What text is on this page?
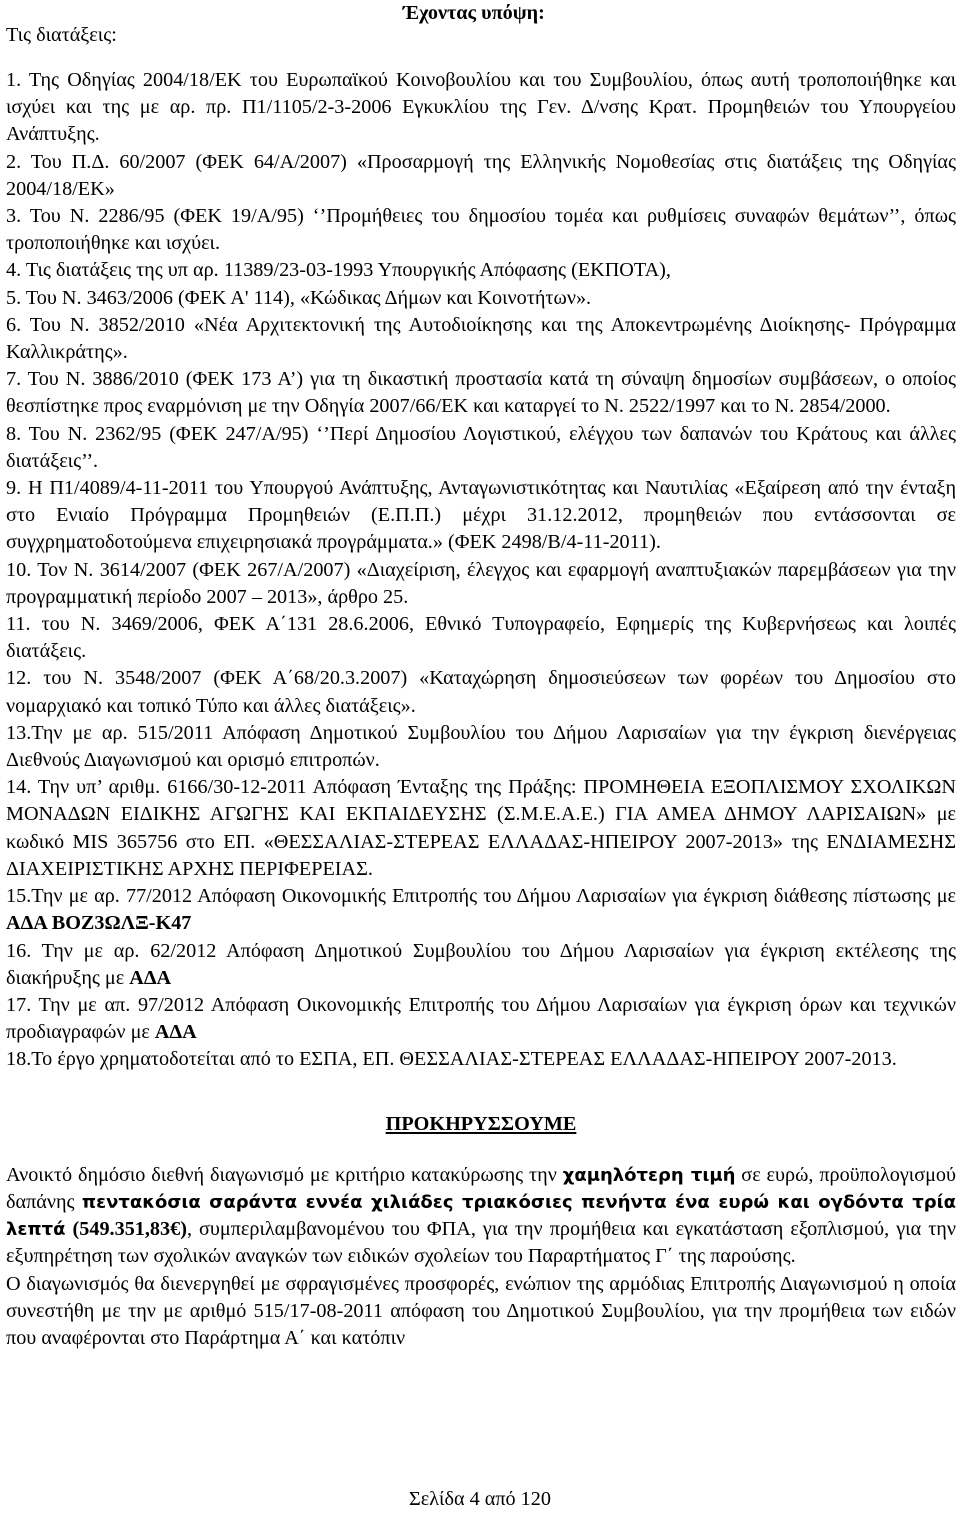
Τις διατάξεις:
Έχοντας υπόψη:

1. Της Οδηγίας 2004/18/ΕΚ του Ευρωπαϊκού Κοινοβουλίου και του Συμβουλίου, όπως αυτή τροποποιήθηκε και ισχύει και της με αρ. πρ. Π1/1105/2-3-2006 Εγκυκλίου της Γεν. Δ/νσης Κρατ. Προμηθειών του Υπουργείου Ανάπτυξης.

2. Του Π.Δ. 60/2007 (ΦΕΚ 64/Α/2007) «Προσαρμογή της Ελληνικής Νομοθεσίας στις διατάξεις της Οδηγίας 2004/18/ΕΚ»

3. Του Ν. 2286/95 (ΦΕΚ 19/Α/95) ‘’Προμήθειες του δημοσίου τομέα και ρυθμίσεις συναφών θεμάτων’’, όπως τροποποιήθηκε και ισχύει.

4. Τις διατάξεις της υπ αρ. 11389/23-03-1993 Υπουργικής Απόφασης (ΕΚΠΟΤΑ),

5. Του Ν. 3463/2006 (ΦΕΚ Α' 114), «Κώδικας Δήμων και Κοινοτήτων».

6. Του Ν. 3852/2010 «Νέα Αρχιτεκτονική της Αυτοδιοίκησης και της Αποκεντρωμένης Διοίκησης- Πρόγραμμα Καλλικράτης».

7. Του Ν. 3886/2010 (ΦΕΚ 173 Α’) για τη δικαστική προστασία κατά τη σύναψη δημοσίων συμβάσεων, ο οποίος θεσπίστηκε προς εναρμόνιση με την Οδηγία 2007/66/ΕΚ και καταργεί το Ν. 2522/1997 και το Ν. 2854/2000.

8. Του Ν. 2362/95 (ΦΕΚ 247/Α/95) ‘’Περί Δημοσίου Λογιστικού, ελέγχου των δαπανών του Κράτους και άλλες διατάξεις’’.

9. Η Π1/4089/4-11-2011 του Υπουργού Ανάπτυξης, Ανταγωνιστικότητας και Ναυτιλίας «Εξαίρεση από την ένταξη στο Ενιαίο Πρόγραμμα Προμηθειών (Ε.Π.Π.) μέχρι 31.12.2012, προμηθειών που εντάσσονται σε συγχρηματοδοτούμενα επιχειρησιακά προγράμματα.» (ΦΕΚ 2498/Β/4-11-2011).

10. Τον Ν. 3614/2007 (ΦΕΚ 267/Α/2007) «Διαχείριση, έλεγχος και εφαρμογή αναπτυξιακών παρεμβάσεων για την προγραμματική περίοδο 2007 – 2013», άρθρο 25.

11. του Ν. 3469/2006, ΦΕΚ Α΄131 28.6.2006, Εθνικό Τυπογραφείο, Εφημερίς της Κυβερνήσεως και λοιπές διατάξεις.

12. του Ν. 3548/2007 (ΦΕΚ Α΄68/20.3.2007) «Καταχώρηση δημοσιεύσεων των φορέων του Δημοσίου στο νομαρχιακό και τοπικό Τύπο και άλλες διατάξεις».

13.Την με αρ. 515/2011 Απόφαση Δημοτικού Συμβουλίου του Δήμου Λαρισαίων για την έγκριση διενέργειας Διεθνούς Διαγωνισμού και ορισμό επιτροπών.

14. Την υπ’ αριθμ. 6166/30-12-2011 Απόφαση Ένταξης της Πράξης: ΠΡΟΜΗΘΕΙΑ ΕΞΟΠΛΙΣΜΟΥ ΣΧΟΛΙΚΩΝ ΜΟΝΑΔΩΝ ΕΙΔΙΚΗΣ ΑΓΩΓΗΣ ΚΑΙ ΕΚΠΑΙΔΕΥΣΗΣ (Σ.Μ.Ε.Α.Ε.) ΓΙΑ ΑΜΕΑ ΔΗΜΟΥ ΛΑΡΙΣΑΙΩΝ» με κωδικό MIS 365756 στο ΕΠ. «ΘΕΣΣΑΛΙΑΣ-ΣΤΕΡΕΑΣ ΕΛΛΑΔΑΣ-ΗΠΕΙΡΟΥ 2007-2013» της ΕΝΔΙΑΜΕΣΗΣ ΔΙΑΧΕΙΡΙΣΤΙΚΗΣ ΑΡΧΗΣ ΠΕΡΙΦΕΡΕΙΑΣ.

15.Την με αρ. 77/2012 Απόφαση Οικονομικής Επιτροπής του Δήμου Λαρισαίων για έγκριση διάθεσης πίστωσης με ΑΔΑ ΒΟΖ3ΩΛΞ-Κ47

16. Την με αρ. 62/2012 Απόφαση Δημοτικού Συμβουλίου του Δήμου Λαρισαίων για έγκριση εκτέλεσης της διακήρυξης με ΑΔΑ

17. Την με απ. 97/2012 Απόφαση Οικονομικής Επιτροπής του Δήμου Λαρισαίων για έγκριση όρων και τεχνικών προδιαγραφών με ΑΔΑ

18.Το έργο χρηματοδοτείται από το ΕΣΠΑ, ΕΠ. ΘΕΣΣΑΛΙΑΣ-ΣΤΕΡΕΑΣ ΕΛΛΑΔΑΣ-ΗΠΕΙΡΟΥ 2007-2013.

ΠΡΟΚΗΡΥΣΣΟΥΜΕ

Ανοικτό δημόσιο διεθνή διαγωνισμό με κριτήριο κατακύρωσης την χαμηλότερη τιμή σε ευρώ, προϋπολογισμού δαπάνης πεντακόσια σαράντα εννέα χιλιάδες τριακόσιες πενήντα ένα ευρώ και ογδόντα τρία λεπτά (549.351,83€), συμπεριλαμβανομένου του ΦΠΑ, για την προμήθεια και εγκατάσταση εξοπλισμού, για την εξυπηρέτηση των σχολικών αναγκών των ειδικών σχολείων του Παραρτήματος Γ΄ της παρούσης.

Ο διαγωνισμός θα διενεργηθεί με σφραγισμένες προσφορές, ενώπιον της αρμόδιας Επιτροπής Διαγωνισμού η οποία συνεστήθη με την με αριθμό 515/17-08-2011 απόφαση του Δημοτικού Συμβουλίου, για την προμήθεια των ειδών που αναφέρονται στο Παράρτημα Α΄ και κατόπιν

Σελίδα 4 από 120
